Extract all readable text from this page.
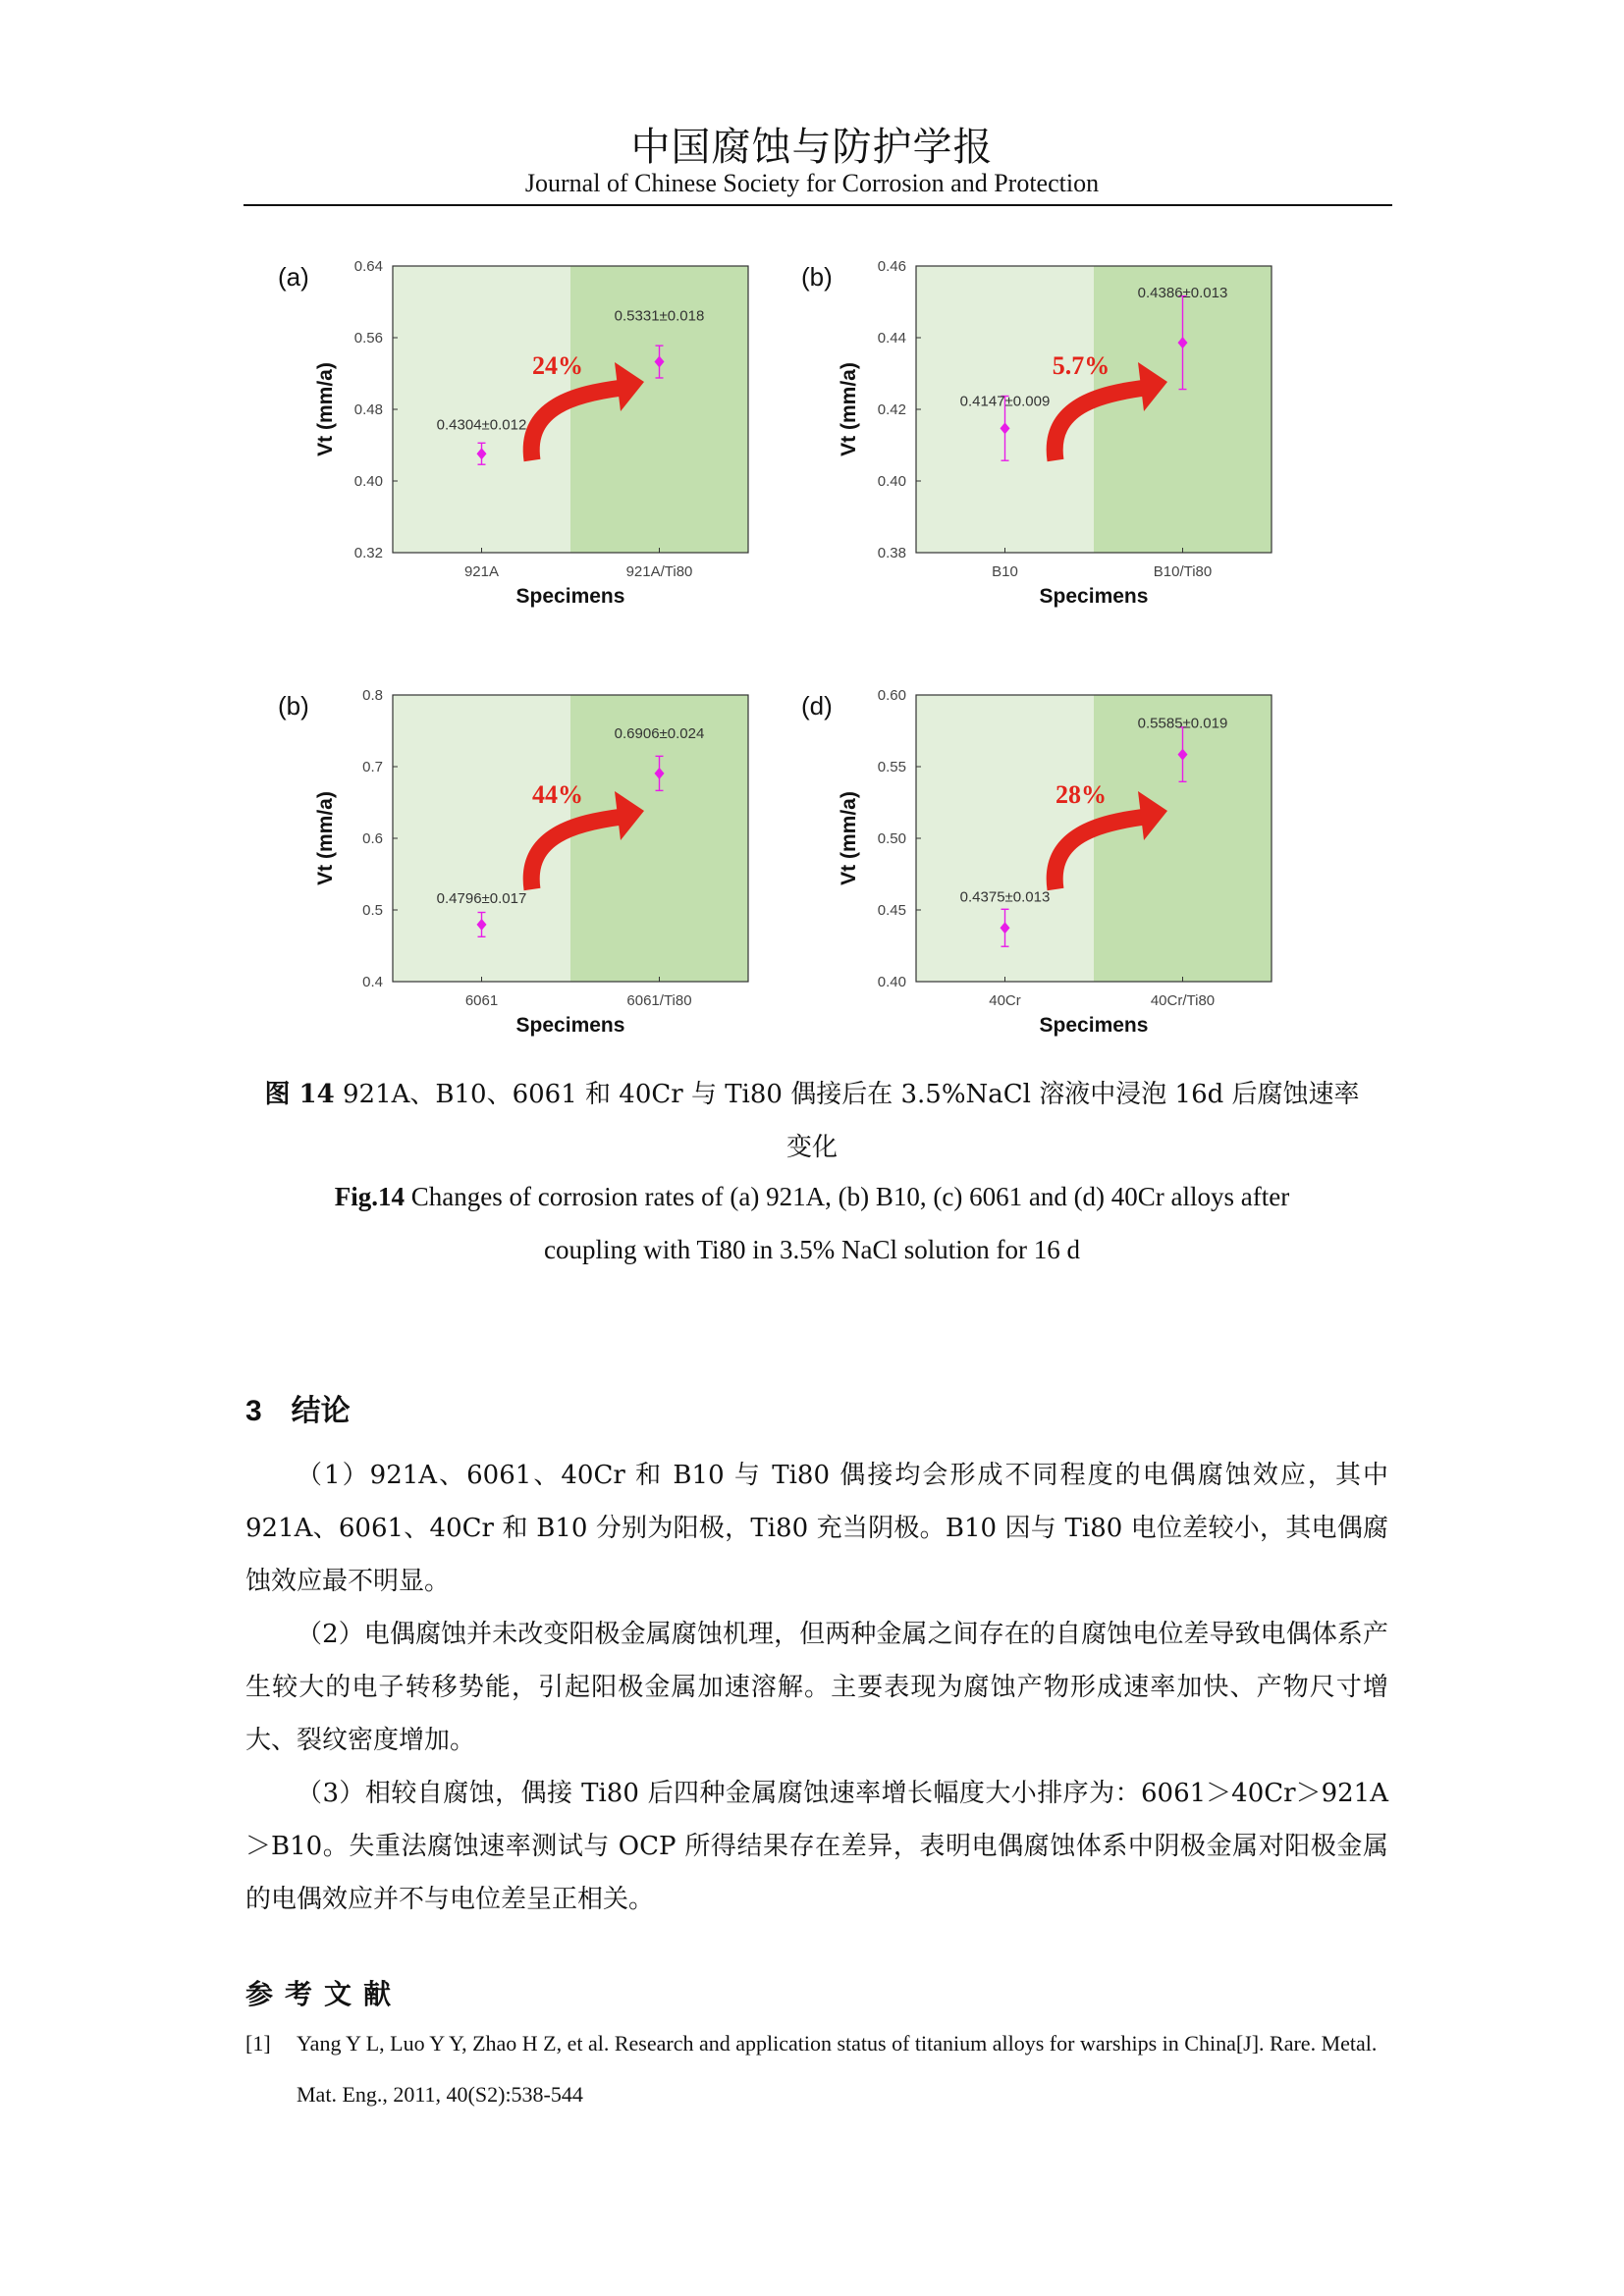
中国腐蚀与防护学报
Journal of Chinese Society for Corrosion and Protection
0.32
0.40
0.48
0.56
0.64
921A	921A/Ti80
Specimens
Vt (mm/a)
(a)
24%
0.4304±0.012
0.5331±0.018
0.38
0.40
0.42
0.44
0.46
B10	B10/Ti80
Specimens
Vt (mm/a)
(b)
5.7%
0.4147±0.009
0.4386±0.013
0.4
0.5
0.6
0.7
0.8
6061	6061/Ti80
Specimens
Vt (mm/a)
(b)
44%
0.4796±0.017
0.6906±0.024
0.40
0.45
0.50
0.55
0.60
40Cr	40Cr/Ti80
Specimens
Vt (mm/a)
(d)
28%
0.4375±0.013
0.5585±0.019
图 14 921A、B10、6061 和 40Cr 与 Ti80 偶接后在 3.5%NaCl 溶液中浸泡 16d 后腐蚀速率
变化
Fig.14 Changes of corrosion rates of (a) 921A, (b) B10, (c) 6061 and (d) 40Cr alloys after
coupling with Ti80 in 3.5% NaCl solution for 16 d
3　结论
（1）921A、6061、40Cr 和 B10 与 Ti80 偶接均会形成不同程度的电偶腐蚀效应，其中 921A、6061、40Cr 和 B10 分别为阳极，Ti80 充当阴极。B10 因与 Ti80 电位差较小，其电偶腐蚀效应最不明显。
（2）电偶腐蚀并未改变阳极金属腐蚀机理，但两种金属之间存在的自腐蚀电位差导致电偶体系产生较大的电子转移势能，引起阳极金属加速溶解。主要表现为腐蚀产物形成速率加快、产物尺寸增大、裂纹密度增加。
（3）相较自腐蚀，偶接 Ti80 后四种金属腐蚀速率增长幅度大小排序为：6061＞40Cr＞921A＞B10。失重法腐蚀速率测试与 OCP 所得结果存在差异，表明电偶腐蚀体系中阴极金属对阳极金属的电偶效应并不与电位差呈正相关。
参考文献
[1] Yang Y L, Luo Y Y, Zhao H Z, et al. Research and application status of titanium alloys for warships in China[J]. Rare. Metal. Mat. Eng., 2011, 40(S2):538-544
